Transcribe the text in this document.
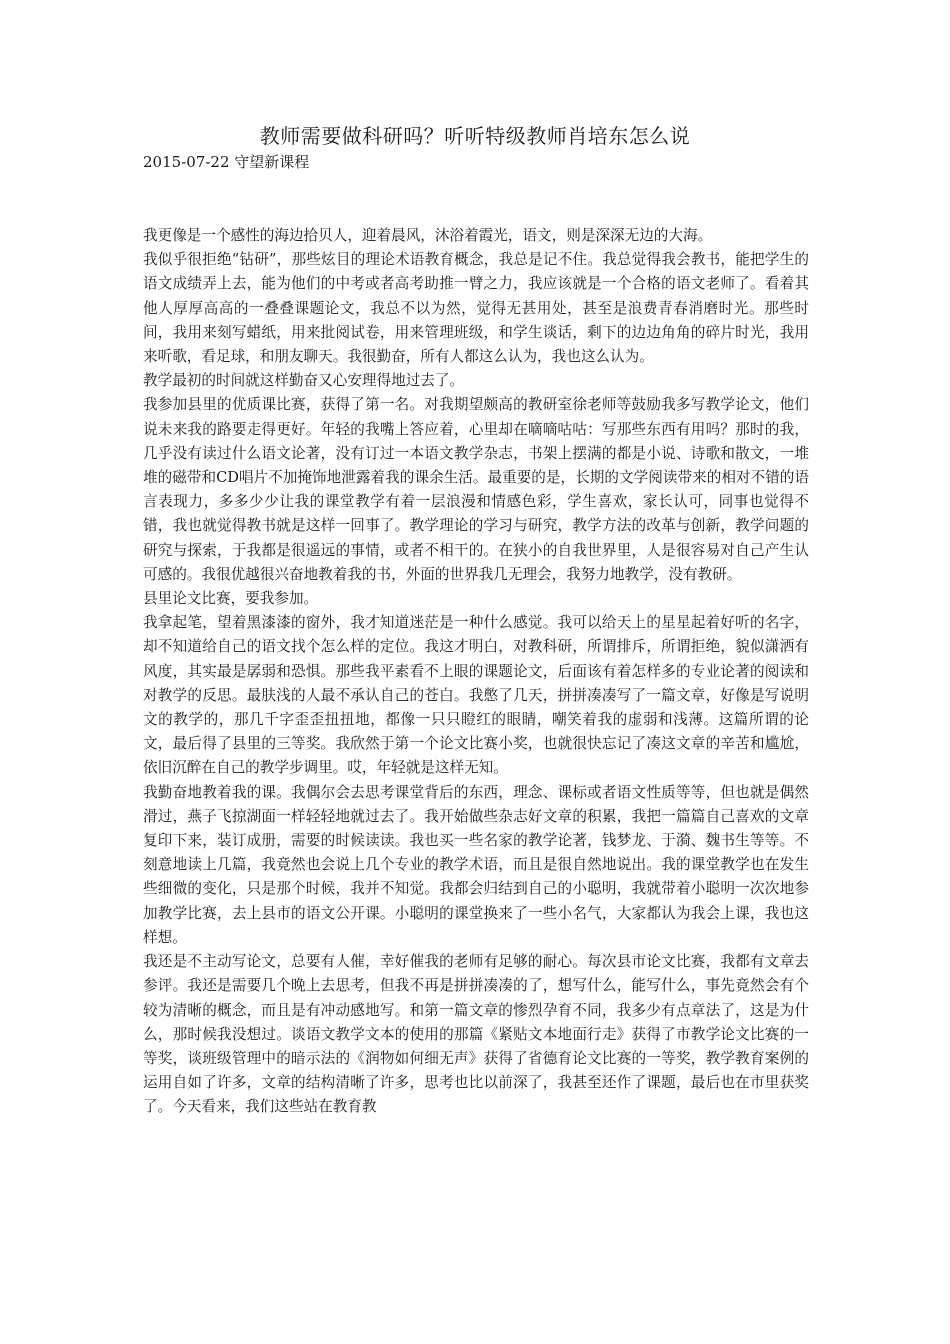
教师需要做科研吗？听听特级教师肖培东怎么说
2015-07-22 守望新课程

我更像是一个感性的海边拾贝人，迎着晨风，沐浴着霞光，语文，则是深深无边的大海。

我似乎很拒绝“钻研”，那些炫目的理论术语教育概念，我总是记不住。我总觉得我会教书，能把学生的语文成绩弄上去，能为他们的中考或者高考助推一臂之力，我应该就是一个合格的语文老师了。看着其他人厚厚高高的一叠叠课题论文，我总不以为然，觉得无甚用处，甚至是浪费青春消磨时光。那些时间，我用来刻写蜡纸，用来批阅试卷，用来管理班级，和学生谈话，剩下的边边角角的碎片时光，我用来听歌，看足球，和朋友聊天。我很勤奋，所有人都这么认为，我也这么认为。

教学最初的时间就这样勤奋又心安理得地过去了。

我参加县里的优质课比赛，获得了第一名。对我期望颇高的教研室徐老师等鼓励我多写教学论文，他们说未来我的路要走得更好。年轻的我嘴上答应着，心里却在嘀嘀咕咕：写那些东西有用吗？那时的我，几乎没有读过什么语文论著，没有订过一本语文教学杂志，书架上摆满的都是小说、诗歌和散文，一堆堆的磁带和CD唱片不加掩饰地泄露着我的课余生活。最重要的是，长期的文学阅读带来的相对不错的语言表现力，多多少少让我的课堂教学有着一层浪漫和情感色彩，学生喜欢，家长认可，同事也觉得不错，我也就觉得教书就是这样一回事了。教学理论的学习与研究，教学方法的改革与创新，教学问题的研究与探索，于我都是很遥远的事情，或者不相干的。在狭小的自我世界里，人是很容易对自己产生认可感的。我很优越很兴奋地教着我的书，外面的世界我几无理会，我努力地教学，没有教研。

县里论文比赛，要我参加。

我拿起笔，望着黑漆漆的窗外，我才知道迷茫是一种什么感觉。我可以给天上的星星起着好听的名字，却不知道给自己的语文找个怎么样的定位。我这才明白，对教科研，所谓排斥，所谓拒绝，貌似潇洒有风度，其实最是孱弱和恐惧。那些我平素看不上眼的课题论文，后面该有着怎样多的专业论著的阅读和对教学的反思。最肤浅的人最不承认自己的苍白。我憋了几天，拼拼凑凑写了一篇文章，好像是写说明文的教学的，那几千字歪歪扭扭地，都像一只只瞪红的眼睛，嘲笑着我的虚弱和浅薄。这篇所谓的论文，最后得了县里的三等奖。我欣然于第一个论文比赛小奖，也就很快忘记了凑这文章的辛苦和尴尬，依旧沉醉在自己的教学步调里。哎，年轻就是这样无知。

我勤奋地教着我的课。我偶尔会去思考课堂背后的东西，理念、课标或者语文性质等等，但也就是偶然滑过，燕子飞掠湖面一样轻轻地就过去了。我开始做些杂志好文章的积累，我把一篇篇自己喜欢的文章复印下来，装订成册，需要的时候读读。我也买一些名家的教学论著，钱梦龙、于漪、魏书生等等。不刻意地读上几篇，我竟然也会说上几个专业的教学术语，而且是很自然地说出。我的课堂教学也在发生些细微的变化，只是那个时候，我并不知觉。我都会归结到自己的小聪明，我就带着小聪明一次次地参加教学比赛，去上县市的语文公开课。小聪明的课堂换来了一些小名气，大家都认为我会上课，我也这样想。

我还是不主动写论文，总要有人催，幸好催我的老师有足够的耐心。每次县市论文比赛，我都有文章去参评。我还是需要几个晚上去思考，但我不再是拼拼凑凑的了，想写什么，能写什么，事先竟然会有个较为清晰的概念，而且是有冲动感地写。和第一篇文章的惨烈孕育不同，我多少有点章法了，这是为什么，那时候我没想过。谈语文教学文本的使用的那篇《紧贴文本地面行走》获得了市教学论文比赛的一等奖，谈班级管理中的暗示法的《润物如何细无声》获得了省德育论文比赛的一等奖，教学教育案例的运用自如了许多，文章的结构清晰了许多，思考也比以前深了，我甚至还作了课题，最后也在市里获奖了。今天看来，我们这些站在教育教
